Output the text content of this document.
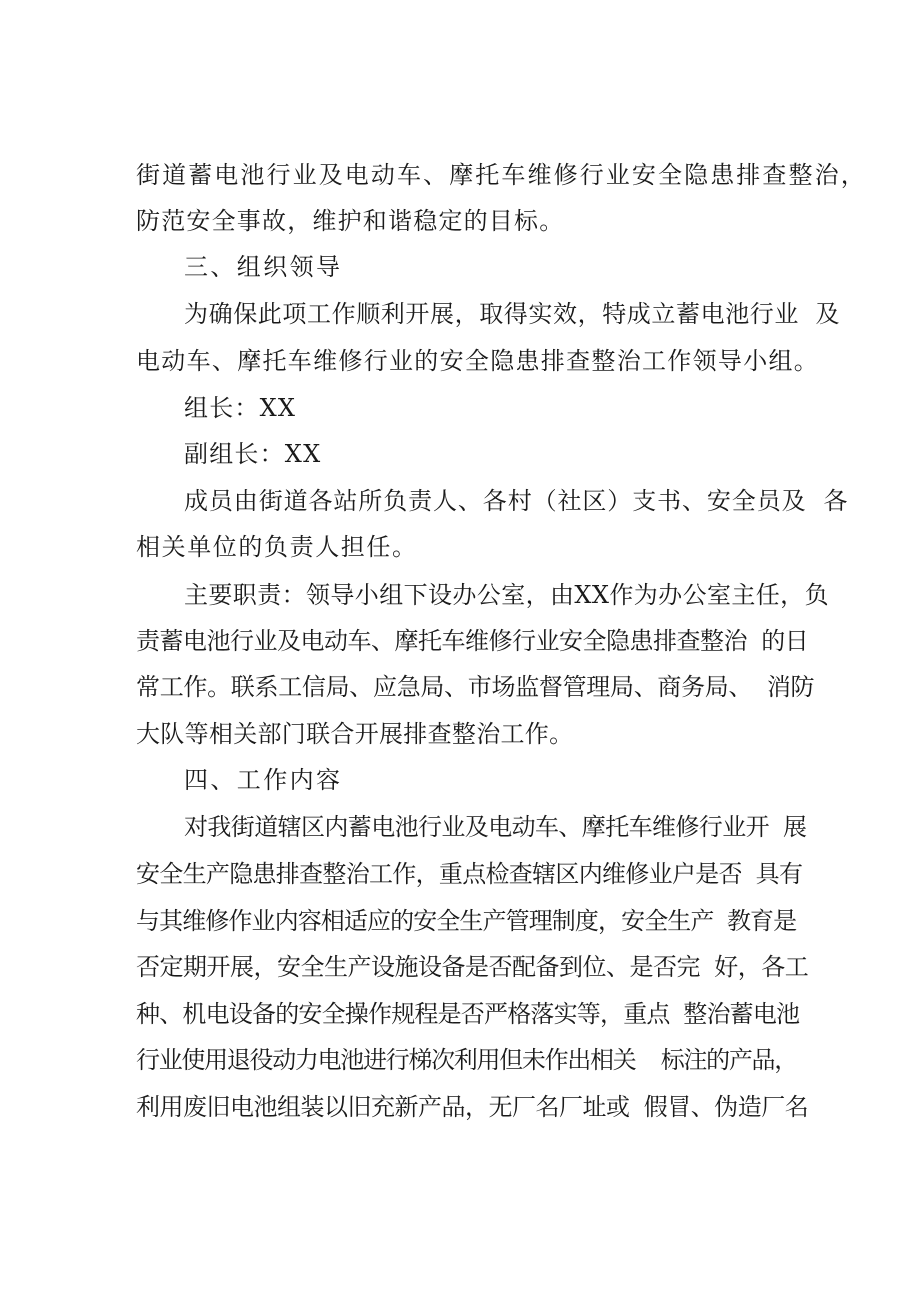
街道蓄电池行业及电动车、摩托车维修行业安全隐患排查整治，
防范安全事故，维护和谐稳定的目标。
三、组织领导
为确保此项工作顺利开展，取得实效，特成立蓄电池行业  及
电动车、摩托车维修行业的安全隐患排查整治工作领导小组。
组长：XX
副组长：XX
成员由街道各站所负责人、各村（社区）支书、安全员及  各
相关单位的负责人担任。
主要职责：领导小组下设办公室，由XX作为办公室主任，负
责蓄电池行业及电动车、摩托车维修行业安全隐患排查整治  的日
常工作。联系工信局、应急局、市场监督管理局、商务局、  消防
大队等相关部门联合开展排查整治工作。
四、工作内容
对我街道辖区内蓄电池行业及电动车、摩托车维修行业开  展
安全生产隐患排查整治工作，重点检查辖区内维修业户是否  具有
与其维修作业内容相适应的安全生产管理制度，安全生产  教育是
否定期开展，安全生产设施设备是否配备到位、是否完  好，各工
种、机电设备的安全操作规程是否严格落实等，重点  整治蓄电池
行业使用退役动力电池进行梯次利用但未作出相关    标注的产品，
利用废旧电池组装以旧充新产品，无厂名厂址或  假冒、伪造厂名
